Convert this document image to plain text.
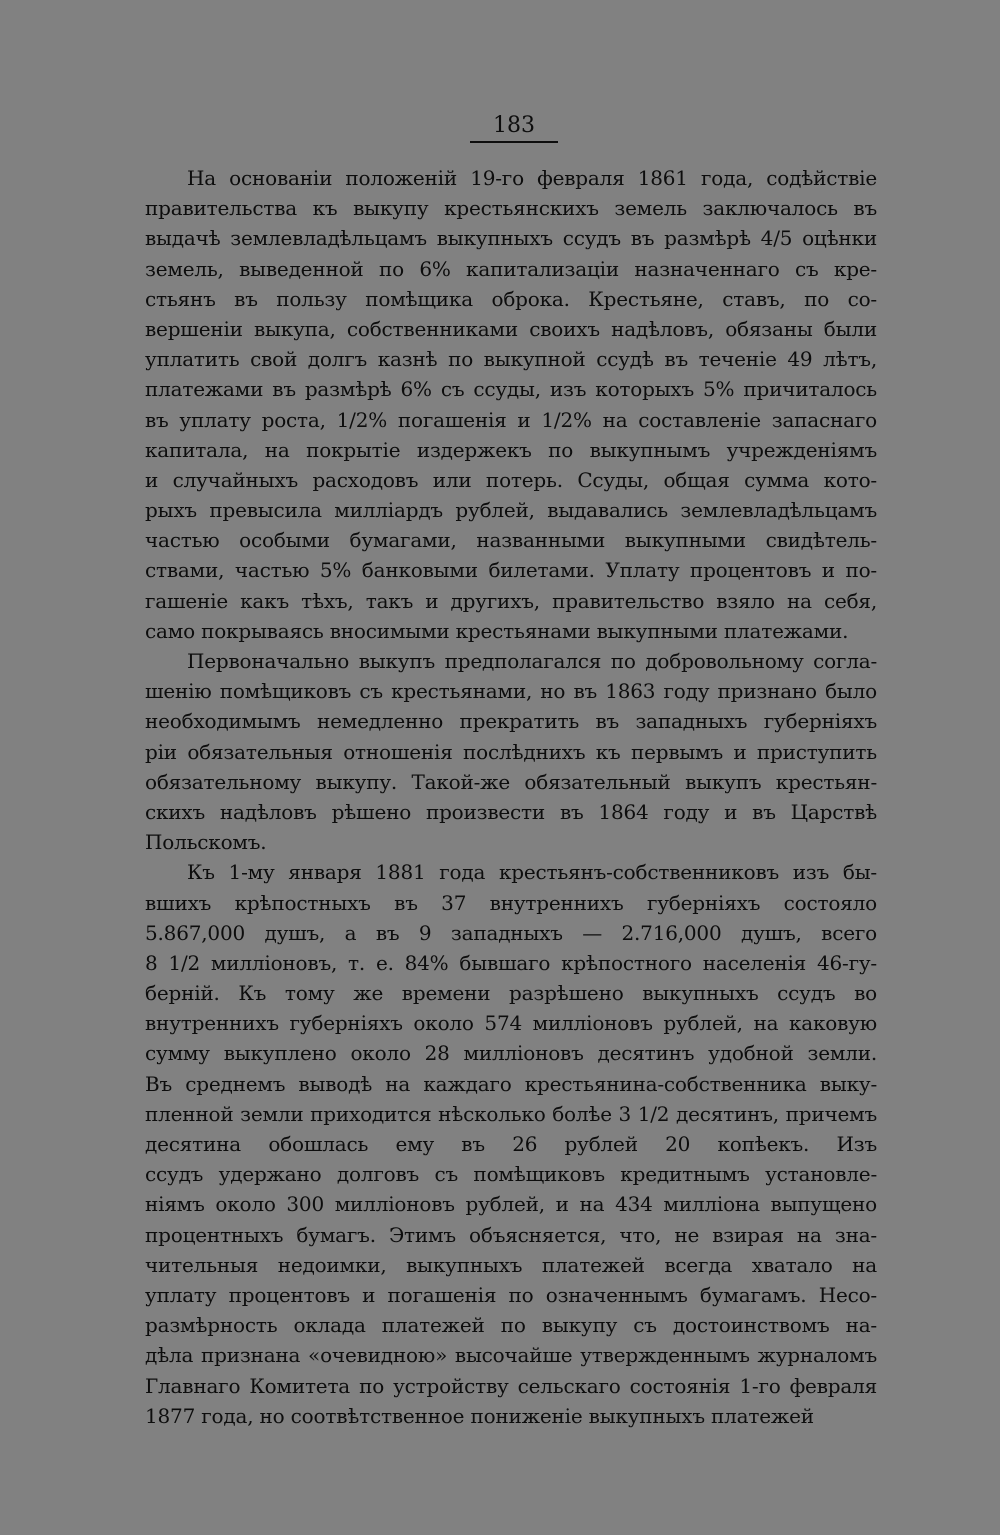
183
На основаніи положеній 19-го февраля 1861 года, содѣйствіе
правительства къ выкупу крестьянскихъ земель заключалось въ
выдачѣ землевладѣльцамъ выкупныхъ ссудъ въ размѣрѣ 4/5 оцѣнки
земель, выведенной по 6% капитализаціи назначеннаго съ кре-
стьянъ въ пользу помѣщика оброка. Крестьяне, ставъ, по со-
вершеніи выкупа, собственниками своихъ надѣловъ, обязаны были
уплатить свой долгъ казнѣ по выкупной ссудѣ въ теченіе 49 лѣтъ,
платежами въ размѣрѣ 6% съ ссуды, изъ которыхъ 5% причиталось
въ уплату роста, 1/2% погашенія и 1/2% на составленіе запаснаго
капитала, на покрытіе издержекъ по выкупнымъ учрежденіямъ
и случайныхъ расходовъ или потерь. Ссуды, общая сумма кото-
рыхъ превысила милліардъ рублей, выдавались землевладѣльцамъ
частью особыми бумагами, названными выкупными свидѣтель-
ствами, частью 5% банковыми билетами. Уплату процентовъ и по-
гашеніе какъ тѣхъ, такъ и другихъ, правительство взяло на себя,
само покрываясь вносимыми крестьянами выкупными платежами.
Первоначально выкупъ предполагался по добровольному согла-
шенію помѣщиковъ съ крестьянами, но въ 1863 году признано было
необходимымъ немедленно прекратить въ западныхъ губерніяхъ
ріи обязательныя отношенія послѣднихъ къ первымъ и приступить
обязательному выкупу. Такой-же обязательный выкупъ крестьян-
скихъ надѣловъ рѣшено произвести въ 1864 году и въ Царствѣ
Польскомъ.
Къ 1-му января 1881 года крестьянъ-собственниковъ изъ бы-
вшихъ крѣпостныхъ въ 37 внутреннихъ губерніяхъ состояло
5.867,000 душъ, а въ 9 западныхъ — 2.716,000 душъ, всего
8 1/2 милліоновъ, т. е. 84% бывшаго крѣпостного населенія 46-гу-
берній. Къ тому же времени разрѣшено выкупныхъ ссудъ во
внутреннихъ губерніяхъ около 574 милліоновъ рублей, на каковую
сумму выкуплено около 28 милліоновъ десятинъ удобной земли.
Въ среднемъ выводѣ на каждаго крестьянина-собственника выку-
пленной земли приходится нѣсколько болѣе 3 1/2 десятинъ, причемъ
десятина обошлась ему въ 26 рублей 20 копѣекъ. Изъ
ссудъ удержано долговъ съ помѣщиковъ кредитнымъ установле-
ніямъ около 300 милліоновъ рублей, и на 434 милліона выпущено
процентныхъ бумагъ. Этимъ объясняется, что, не взирая на зна-
чительныя недоимки, выкупныхъ платежей всегда хватало на
уплату процентовъ и погашенія по означеннымъ бумагамъ. Несо-
размѣрность оклада платежей по выкупу съ достоинствомъ на-
дѣла признана «очевидною» высочайше утвержденнымъ журналомъ
Главнаго Комитета по устройству сельскаго состоянія 1-го февраля
1877 года, но соотвѣтственное пониженіе выкупныхъ платежей
